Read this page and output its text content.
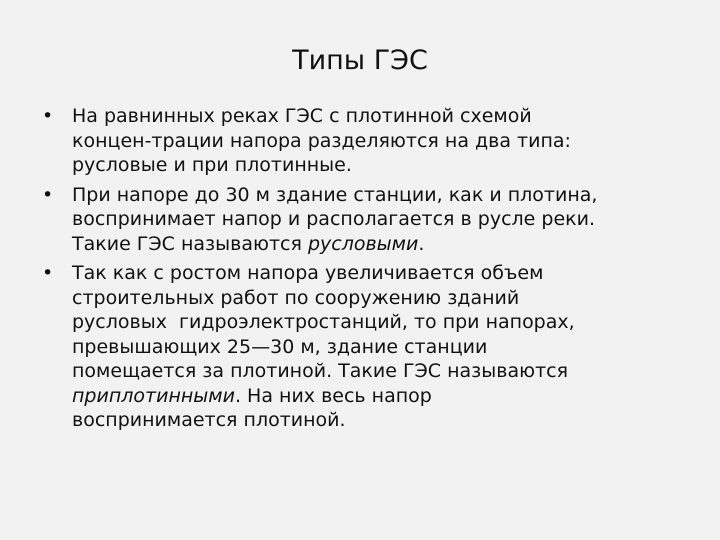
Типы ГЭС
• На равнинных реках ГЭС с плотинной схемой
концен-трации напора разделяются на два типа:
русловые и при плотинные.
• При напоре до 30 м здание станции, как и плотина,
воспринимает напор и располагается в русле реки.
Такие ГЭС называются русловыми.
• Так как с ростом напора увеличивается объем
строительных работ по сооружению зданий
русловых  гидроэлектростанций, то при напорах,
превышающих 25—30 м, здание станции
помещается за плотиной. Такие ГЭС называются
приплотинными. На них весь напор
воспринимается плотиной.
